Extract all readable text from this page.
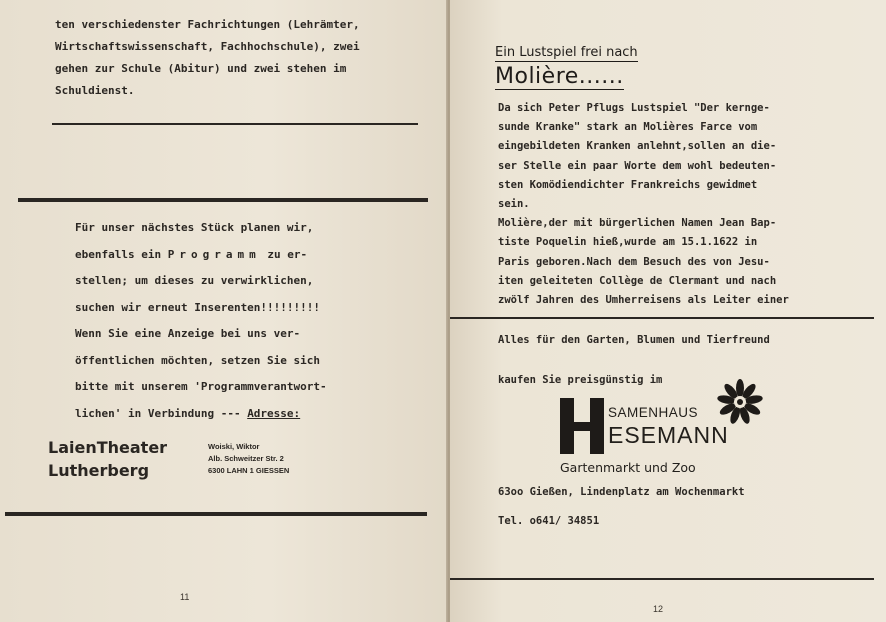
ten verschiedenster Fachrichtungen (Lehrämter,
Wirtschaftswissenschaft, Fachhochschule), zwei
gehen zur Schule (Abitur) und zwei stehen im
Schuldienst.
Für unser nächstes Stück planen wir,
ebenfalls ein Programm zu er-
stellen; um dieses zu verwirklichen,
suchen wir erneut Inserenten!!!!!!!!!
Wenn Sie eine Anzeige bei uns ver-
öffentlichen möchten, setzen Sie sich
bitte mit unserem 'Programmverantwort-
lichen' in Verbindung --- Adresse:
LaienTheater
Lutherberg
Woiski, Wiktor
Alb. Schweitzer Str. 2
6300 LAHN 1 GIESSEN
11
Ein Lustspiel frei nach
Molière......
Da sich Peter Pflugs Lustspiel "Der kernge-
sunde Kranke" stark an Molières Farce vom
eingebildeten Kranken anlehnt,sollen an die-
ser Stelle ein paar Worte dem wohl bedeuten-
sten Komödiendichter Frankreichs gewidmet
sein.
Molière,der mit bürgerlichen Namen Jean Bap-
tiste Poquelin hieß,wurde am 15.1.1622 in
Paris geboren.Nach dem Besuch des von Jesu-
iten geleiteten Collège de Clermant und nach
zwölf Jahren des Umherreisens als Leiter einer
Alles für den Garten, Blumen und Tierfreund
kaufen Sie preisgünstig im
63oo Gießen, Lindenplatz am Wochenmarkt
Tel. o641/ 34851
SAMENHAUS
ESEMANN
Gartenmarkt und Zoo
12
